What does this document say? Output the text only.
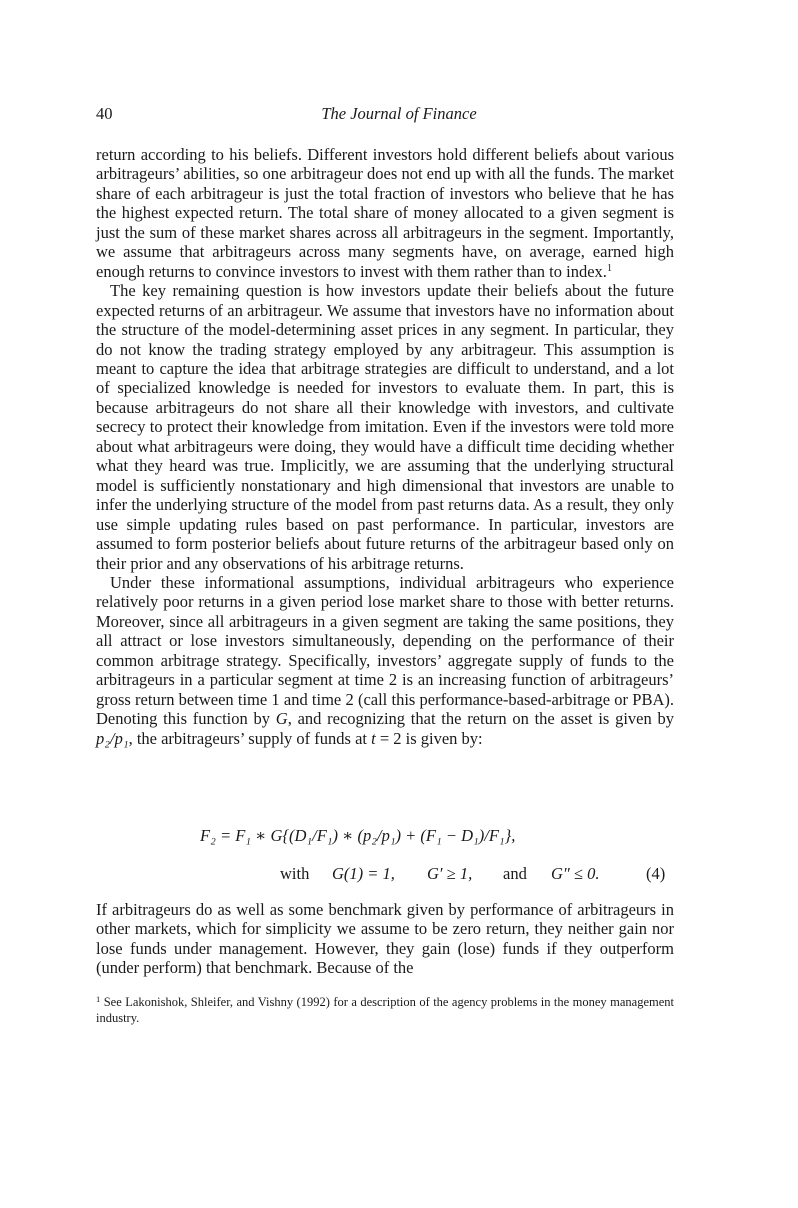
40	The Journal of Finance

return according to his beliefs. Different investors hold different beliefs about various arbitrageurs’ abilities, so one arbitrageur does not end up with all the funds. The market share of each arbitrageur is just the total fraction of investors who believe that he has the highest expected return. The total share of money allocated to a given segment is just the sum of these market shares across all arbitrageurs in the segment. Importantly, we assume that arbitrageurs across many segments have, on average, earned high enough returns to convince investors to invest with them rather than to index.$^1$

The key remaining question is how investors update their beliefs about the future expected returns of an arbitrageur. We assume that investors have no information about the structure of the model-determining asset prices in any segment. In particular, they do not know the trading strategy employed by any arbitrageur. This assumption is meant to capture the idea that arbitrage strategies are difficult to understand, and a lot of specialized knowledge is needed for investors to evaluate them. In part, this is because arbitrageurs do not share all their knowledge with investors, and cultivate secrecy to protect their knowledge from imitation. Even if the investors were told more about what arbitrageurs were doing, they would have a difficult time deciding whether what they heard was true. Implicitly, we are assuming that the underlying structural model is sufficiently nonstationary and high dimensional that investors are unable to infer the underlying structure of the model from past returns data. As a result, they only use simple updating rules based on past performance. In particular, investors are assumed to form posterior beliefs about future returns of the arbitrageur based only on their prior and any observations of his arbitrage returns.

Under these informational assumptions, individual arbitrageurs who experience relatively poor returns in a given period lose market share to those with better returns. Moreover, since all arbitrageurs in a given segment are taking the same positions, they all attract or lose investors simultaneously, depending on the performance of their common arbitrage strategy. Specifically, investors’ aggregate supply of funds to the arbitrageurs in a particular segment at time 2 is an increasing function of arbitrageurs’ gross return between time 1 and time 2 (call this performance-based-arbitrage or PBA). Denoting this function by G, and recognizing that the return on the asset is given by p₂/p₁, the arbitrageurs’ supply of funds at t = 2 is given by:

F₂ = F₁ ∗ G{(D₁/F₁) ∗ (p₂/p₁) + (F₁ − D₁)/F₁},
with G(1) = 1, G′ ≥ 1, and G″ ≤ 0.	(4)

If arbitrageurs do as well as some benchmark given by performance of arbitrageurs in other markets, which for simplicity we assume to be zero return, they neither gain nor lose funds under management. However, they gain (lose) funds if they outperform (under perform) that benchmark. Because of the

$^1$ See Lakonishok, Shleifer, and Vishny (1992) for a description of the agency problems in the money management industry.
